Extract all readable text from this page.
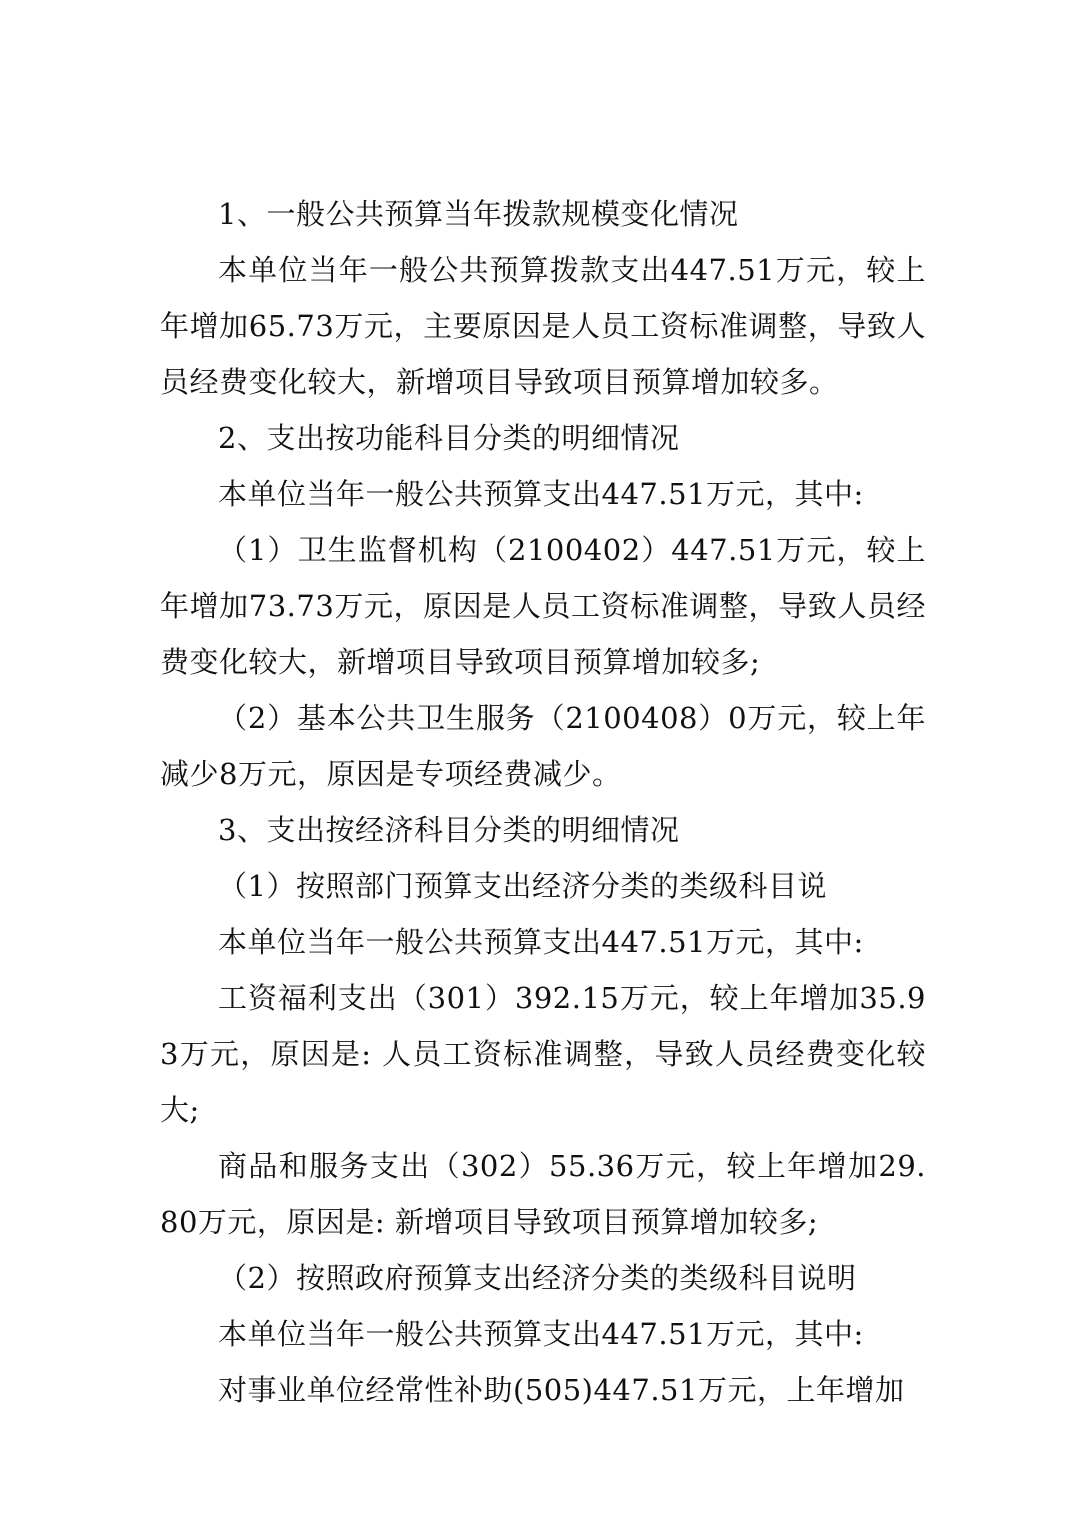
1、一般公共预算当年拨款规模变化情况

本单位当年一般公共预算拨款支出447.51万元，较上年增加65.73万元，主要原因是人员工资标准调整，导致人员经费变化较大，新增项目导致项目预算增加较多。

2、支出按功能科目分类的明细情况

本单位当年一般公共预算支出447.51万元，其中:

（1）卫生监督机构（2100402）447.51万元，较上年增加73.73万元，原因是人员工资标准调整，导致人员经费变化较大，新增项目导致项目预算增加较多;

（2）基本公共卫生服务（2100408）0万元，较上年减少8万元，原因是专项经费减少。

3、支出按经济科目分类的明细情况

（1）按照部门预算支出经济分类的类级科目说

本单位当年一般公共预算支出447.51万元，其中:

工资福利支出（301）392.15万元，较上年增加35.93万元，原因是: 人员工资标准调整，导致人员经费变化较大;

商品和服务支出（302）55.36万元，较上年增加29.80万元，原因是: 新增项目导致项目预算增加较多;

（2）按照政府预算支出经济分类的类级科目说明

本单位当年一般公共预算支出447.51万元，其中:

对事业单位经常性补助(505)447.51万元，上年增加
